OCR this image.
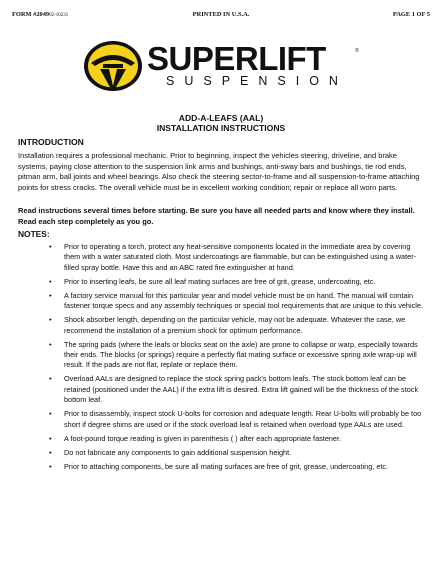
FORM #204902-10231	PRINTED IN U.S.A.	PAGE 1 OF 5
SUPERLIFT	®
SUSPENSION
ADD-A-LEAFS (AAL)
INSTALLATION INSTRUCTIONS
INTRODUCTION
Installation requires a professional mechanic. Prior to beginning, inspect the vehicles steering, driveline, and brake systems, paying close attention to the suspension link arms and bushings, anti-sway bars and bushings, tie rod ends, pitman arm, ball joints and wheel bearings. Also check the steering sector-to-frame and all suspension-to-frame attaching points for stress cracks. The overall vehicle must be in excellent working condition; repair or replace all worn parts.
Read instructions several times before starting. Be sure you have all needed parts and know where they install. Read each step completely as you go.
NOTES:
• Prior to operating a torch, protect any heat-sensitive components located in the immediate area by covering them with a water saturated cloth. Most undercoatings are flammable, but can be extinguished using a water-filled spray bottle. Have this and an ABC rated fire extinguisher at hand.
• Prior to inserting leafs, be sure all leaf mating surfaces are free of grit, grease, undercoating, etc.
• A factory service manual for this particular year and model vehicle must be on hand. The manual will contain fastener torque specs and any assembly techniques or special tool requirements that are unique to this vehicle.
• Shock absorber length, depending on the particular vehicle, may not be adequate. Whatever the case, we recommend the installation of a premium shock for optimum performance.
• The spring pads (where the leafs or blocks seat on the axle) are prone to collapse or warp, especially towards their ends. The blocks (or springs) require a perfectly flat mating surface or excessive spring axle wrap-up will result. If the pads are not flat, replate or replace them.
• Overload AALs are designed to replace the stock spring pack's bottom leafs. The stock bottom leaf can be retained (positioned under the AAL) if the extra lift is desired. Extra lift gained will be the thickness of the stock bottom leaf.
• Prior to disassembly, inspect stock U-bolts for corrosion and adequate length. Rear U-bolts will probably be too short if degree shims are used or if the stock overload leaf is retained when overload type AALs are used.
• A foot-pound torque reading is given in parenthesis ( ) after each appropriate fastener.
• Do not fabricate any components to gain additional suspension height.
• Prior to attaching components, be sure all mating surfaces are free of grit, grease, undercoating, etc.
